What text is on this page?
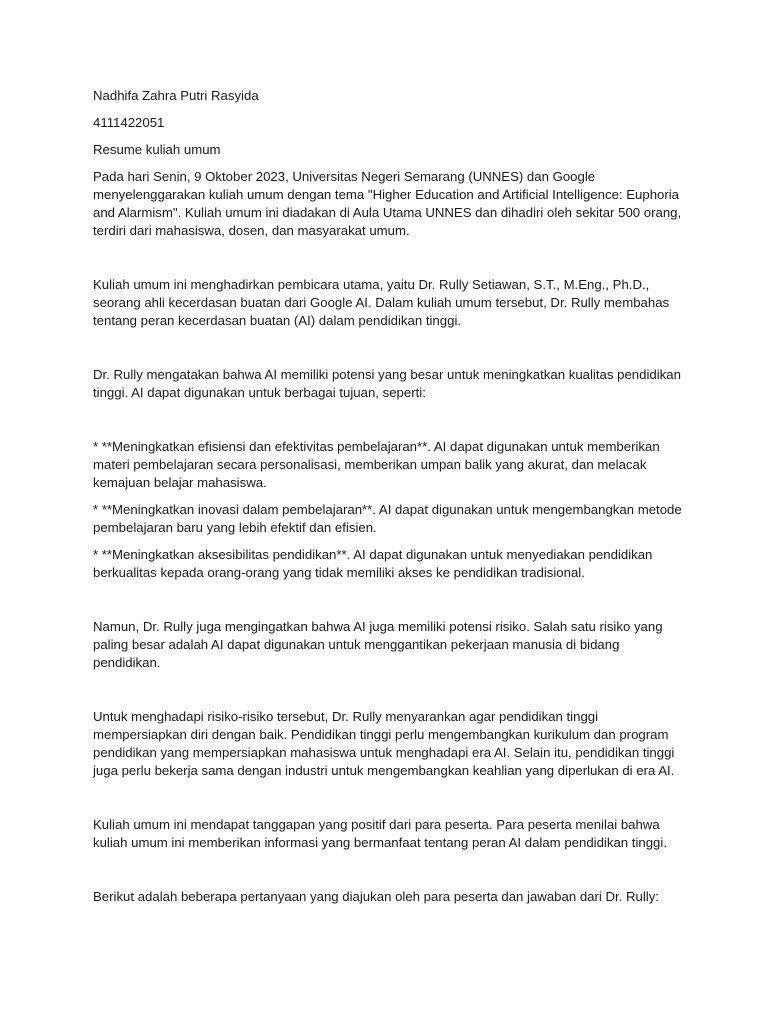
Nadhifa Zahra Putri Rasyida

4111422051

Resume kuliah umum

Pada hari Senin, 9 Oktober 2023, Universitas Negeri Semarang (UNNES) dan Google menyelenggarakan kuliah umum dengan tema "Higher Education and Artificial Intelligence: Euphoria and Alarmism". Kuliah umum ini diadakan di Aula Utama UNNES dan dihadiri oleh sekitar 500 orang, terdiri dari mahasiswa, dosen, dan masyarakat umum.

Kuliah umum ini menghadirkan pembicara utama, yaitu Dr. Rully Setiawan, S.T., M.Eng., Ph.D., seorang ahli kecerdasan buatan dari Google AI. Dalam kuliah umum tersebut, Dr. Rully membahas tentang peran kecerdasan buatan (AI) dalam pendidikan tinggi.

Dr. Rully mengatakan bahwa AI memiliki potensi yang besar untuk meningkatkan kualitas pendidikan tinggi. AI dapat digunakan untuk berbagai tujuan, seperti:

* **Meningkatkan efisiensi dan efektivitas pembelajaran**. AI dapat digunakan untuk memberikan materi pembelajaran secara personalisasi, memberikan umpan balik yang akurat, dan melacak kemajuan belajar mahasiswa.

* **Meningkatkan inovasi dalam pembelajaran**. AI dapat digunakan untuk mengembangkan metode pembelajaran baru yang lebih efektif dan efisien.

* **Meningkatkan aksesibilitas pendidikan**. AI dapat digunakan untuk menyediakan pendidikan berkualitas kepada orang-orang yang tidak memiliki akses ke pendidikan tradisional.

Namun, Dr. Rully juga mengingatkan bahwa AI juga memiliki potensi risiko. Salah satu risiko yang paling besar adalah AI dapat digunakan untuk menggantikan pekerjaan manusia di bidang pendidikan.

Untuk menghadapi risiko-risiko tersebut, Dr. Rully menyarankan agar pendidikan tinggi mempersiapkan diri dengan baik. Pendidikan tinggi perlu mengembangkan kurikulum dan program pendidikan yang mempersiapkan mahasiswa untuk menghadapi era AI. Selain itu, pendidikan tinggi juga perlu bekerja sama dengan industri untuk mengembangkan keahlian yang diperlukan di era AI.

Kuliah umum ini mendapat tanggapan yang positif dari para peserta. Para peserta menilai bahwa kuliah umum ini memberikan informasi yang bermanfaat tentang peran AI dalam pendidikan tinggi.

Berikut adalah beberapa pertanyaan yang diajukan oleh para peserta dan jawaban dari Dr. Rully:
